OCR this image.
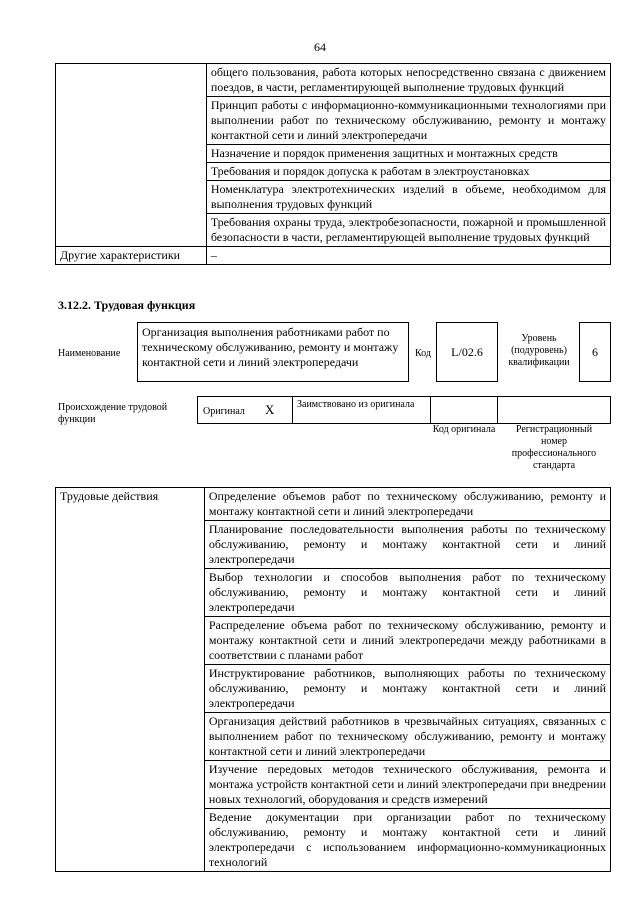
64
	общего пользования, работа которых непосредственно связана с движением поездов, в части, регламентирующей выполнение трудовых функций
	Принцип работы с информационно-коммуникационными технологиями при выполнении работ по техническому обслуживанию, ремонту и монтажу контактной сети и линий электропередачи
	Назначение и порядок применения защитных и монтажных средств
	Требования и порядок допуска к работам в электроустановках
	Номенклатура электротехнических изделий в объеме, необходимом для выполнения трудовых функций
	Требования охраны труда, электробезопасности, пожарной и промышленной безопасности в части, регламентирующей выполнение трудовых функций
Другие характеристики	–
3.12.2. Трудовая функция
Наименование
Организация выполнения работниками работ по техническому обслуживанию, ремонту и монтажу контактной сети и линий электропередачи
Код	L/02.6
Уровень (подуровень) квалификации
6
Происхождение трудовой функции
Оригинал X Заимствовано из оригинала
Код оригинала	Регистрационный номер профессионального стандарта
Трудовые действия	Определение объемов работ по техническому обслуживанию, ремонту и монтажу контактной сети и линий электропередачи
Планирование последовательности выполнения работы по техническому обслуживанию, ремонту и монтажу контактной сети и линий электропередачи
Выбор технологии и способов выполнения работ по техническому обслуживанию, ремонту и монтажу контактной сети и линий электропередачи
Распределение объема работ по техническому обслуживанию, ремонту и монтажу контактной сети и линий электропередачи между работниками в соответствии с планами работ
Инструктирование работников, выполняющих работы по техническому обслуживанию, ремонту и монтажу контактной сети и линий электропередачи
Организация действий работников в чрезвычайных ситуациях, связанных с выполнением работ по техническому обслуживанию, ремонту и монтажу контактной сети и линий электропередачи
Изучение передовых методов технического обслуживания, ремонта и монтажа устройств контактной сети и линий электропередачи при внедрении новых технологий, оборудования и средств измерений
Ведение документации при организации работ по техническому обслуживанию, ремонту и монтажу контактной сети и линий электропередачи с использованием информационно-коммуникационных технологий
